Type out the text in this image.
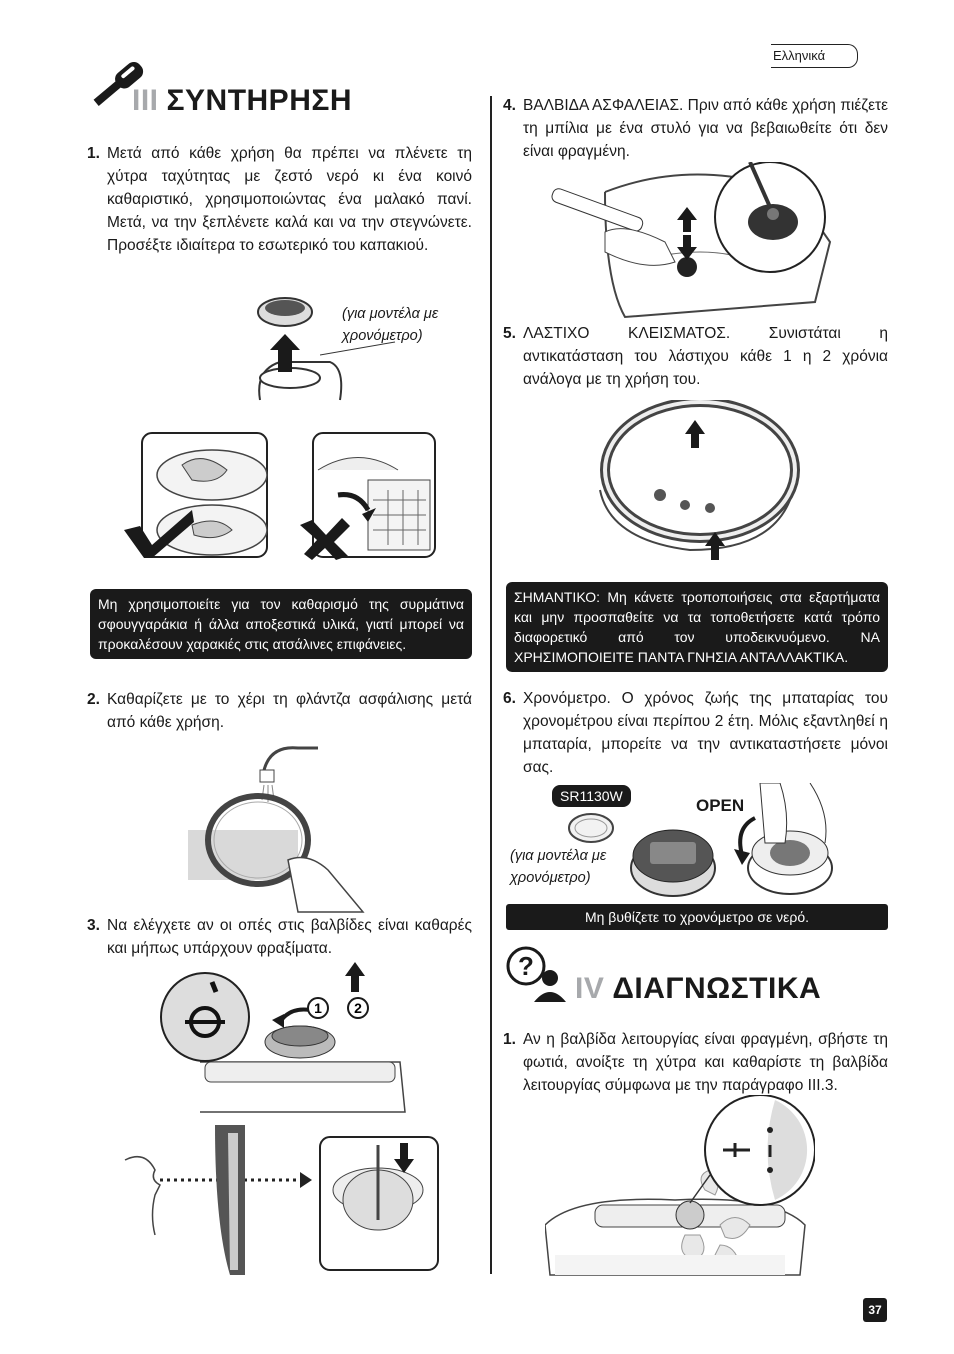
Ελληνικά
III ΣΥΝΤΗΡΗΣΗ
1. Μετά από κάθε χρήση θα πρέπει να πλένετε τη χύτρα ταχύτητας με ζεστό νερό κι ένα κοινό καθαριστικό, χρησιμοποιώντας ένα μαλακό πανί. Μετά, να την ξεπλένετε καλά και να την στεγνώνετε. Προσέξτε ιδιαίτερα το εσωτερικό του καπακιού.
(για μοντέλα με χρονόμετρο)
Μη χρησιμοποιείτε για τον καθαρισμό της συρμάτινα σφουγγαράκια ή άλλα αποξεστικά υλικά, γιατί μπορεί να προκαλέσουν χαρακιές στις ατσάλινες επιφάνειες.
2. Καθαρίζετε με το χέρι τη φλάντζα ασφάλισης μετά από κάθε χρήση.
3. Να ελέγχετε αν οι οπές στις βαλβίδες είναι καθαρές και μήπως υπάρχουν φραξίματα.
1 2
4. ΒΑΛΒΙΔΑ ΑΣΦΑΛΕΙΑΣ. Πριν από κάθε χρήση πιέζετε τη μπίλια με ένα στυλό για να βεβαιωθείτε ότι δεν είναι φραγμένη.
5. ΛΑΣΤΙΧΟ ΚΛΕΙΣΜΑΤΟΣ. Συνιστάται η αντικατάσταση του λάστιχου κάθε 1 η 2 χρόνια ανάλογα με τη χρήση του.
ΣΗΜΑΝΤΙΚΟ: Μη κάνετε τροποποιήσεις στα εξαρτήματα και μην προσπαθείτε να τα τοποθετήσετε κατά τρόπο διαφορετικό από τον υποδεικνυόμενο. ΝΑ ΧΡΗΣΙΜΟΠΟΙΕΙΤΕ ΠΑΝΤΑ ΓΝΗΣΙΑ ΑΝΤΑΛΛΑΚΤΙΚΑ.
6. Χρονόμετρο. Ο χρόνος ζωής της μπαταρίας του χρονομέτρου είναι περίπου 2 έτη. Μόλις εξαντληθεί η μπαταρία, μπορείτε να την αντικαταστήσετε μόνοι σας.
SR1130W
(για μοντέλα με χρονόμετρο)
OPEN
Μη βυθίζετε το χρονόμετρο σε νερό.
?
IV ΔΙΑΓΝΩΣΤΙΚΑ
1. Αν η βαλβίδα λειτουργίας είναι φραγμένη, σβήστε τη φωτιά, ανοίξτε τη χύτρα και καθαρίστε τη βαλβίδα λειτουργίας σύμφωνα με την παράγραφο III.3.
37
